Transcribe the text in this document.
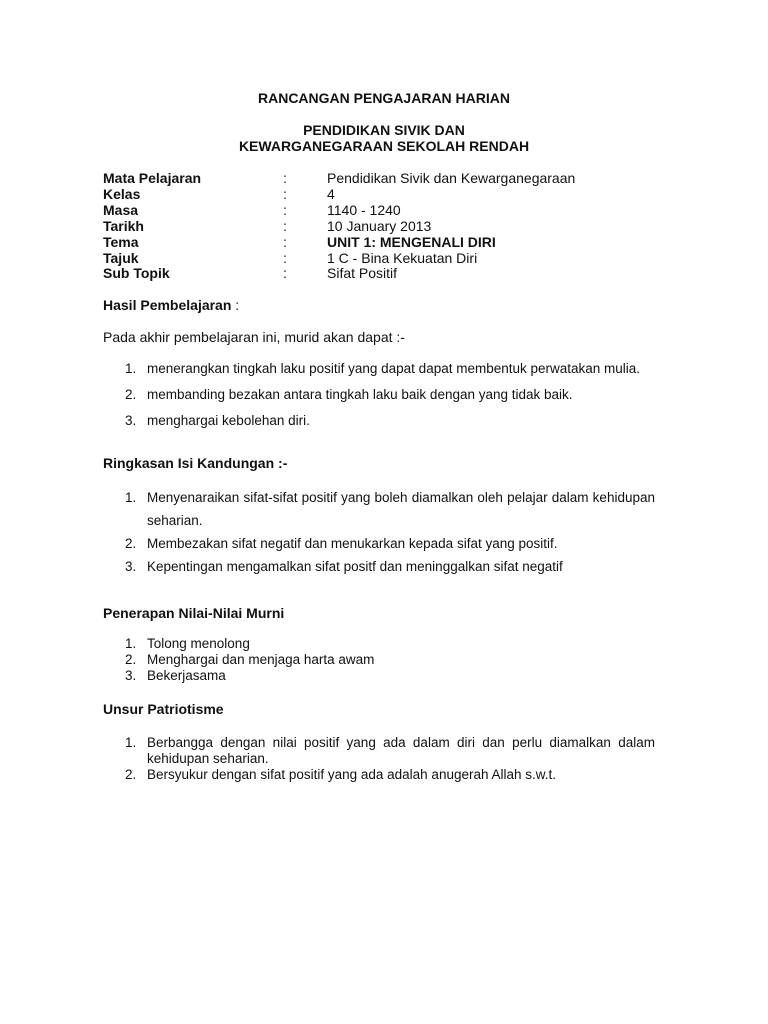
RANCANGAN PENGAJARAN HARIAN
PENDIDIKAN SIVIK DAN
KEWARGANEGARAAN SEKOLAH RENDAH
Mata Pelajaran	:	Pendidikan Sivik dan Kewarganegaraan
Kelas	:	4
Masa	:	1140 - 1240
Tarikh	:	10 January 2013
Tema	:	UNIT 1: MENGENALI DIRI
Tajuk	:	1 C - Bina Kekuatan Diri
Sub Topik	:	Sifat Positif
Hasil Pembelajaran :
Pada akhir pembelajaran ini, murid akan dapat :-
1. menerangkan tingkah laku positif yang dapat dapat membentuk perwatakan mulia.
2. membanding bezakan antara tingkah laku baik dengan yang tidak baik.
3. menghargai kebolehan diri.
Ringkasan Isi Kandungan :-
1. Menyenaraikan sifat-sifat positif yang boleh diamalkan oleh pelajar dalam kehidupan seharian.
2. Membezakan sifat negatif dan menukarkan kepada sifat yang positif.
3. Kepentingan mengamalkan sifat positf dan meninggalkan sifat negatif
Penerapan Nilai-Nilai Murni
1. Tolong menolong
2. Menghargai dan menjaga harta awam
3. Bekerjasama
Unsur Patriotisme
1. Berbangga dengan nilai positif yang ada dalam diri dan perlu diamalkan dalam kehidupan seharian.
2. Bersyukur dengan sifat positif yang ada adalah anugerah Allah s.w.t.
